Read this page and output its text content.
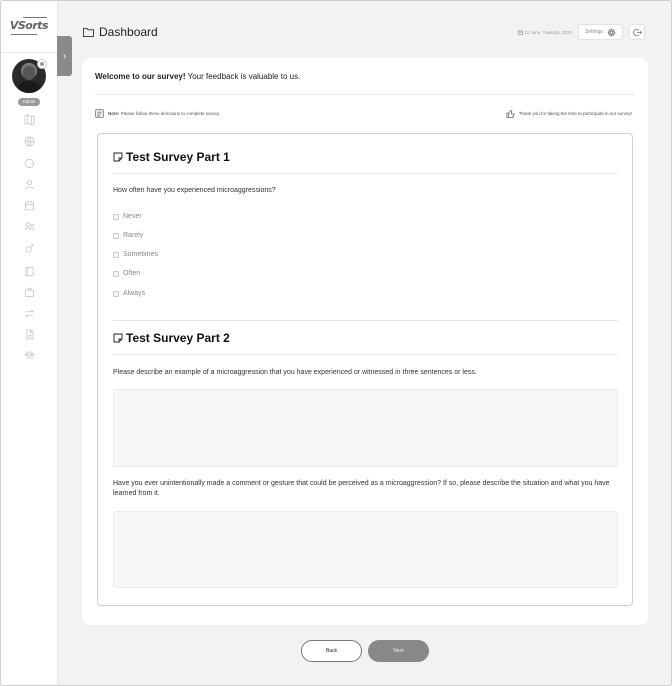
VSorts
Admin
›
Dashboard	11 June, Tuesday, 2023	Settings
Welcome to our survey! Your feedback is valuable to us.
Note: Please follow these directions to complete survey.	Thank you for taking the time to participate in our survey!
Test Survey Part 1
How often have you experienced microaggressions?
Never
Rarely
Sometimes
Often
Always
Test Survey Part 2
Please describe an example of a microaggression that you have experienced or witnessed in three sentences or less.
Have you ever unintentionally made a comment or gesture that could be perceived as a microaggression? If so, please describe the situation and what you have learned from it.
Back	Next
